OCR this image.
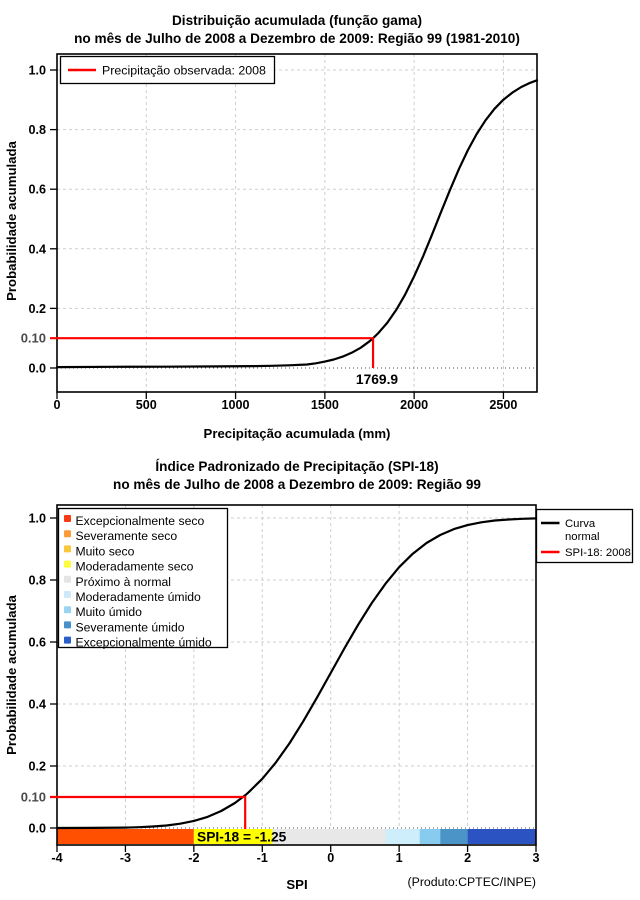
0	500	1000	1500	2000	2500
0.0
0.2
0.4
0.6
0.8
1.0
Distribuição acumulada (função gama)
no mês de Julho de 2008 a Dezembro de 2009: Região 99 (1981-2010)
0.10
1769.9
Precipitação acumulada (mm)
Probabilidade acumulada
Precipitação observada: 2008
-4	-3	-2	-1	0	1	2	3
0.0
0.2
0.4
0.6
0.8
1.0
Índice Padronizado de Precipitação (SPI-18)
no mês de Julho de 2008 a Dezembro de 2009: Região 99
0.10
SPI-18 = -1.25
SPI
Probabilidade acumulada
(Produto:CPTEC/INPE)
Excepcionalmente seco
Severamente seco
Muito seco
Moderadamente seco
Próximo à normal
Moderadamente úmido
Muito úmido
Severamente úmido
Excepcionalmente úmido
Curva
normal
SPI-18: 2008
